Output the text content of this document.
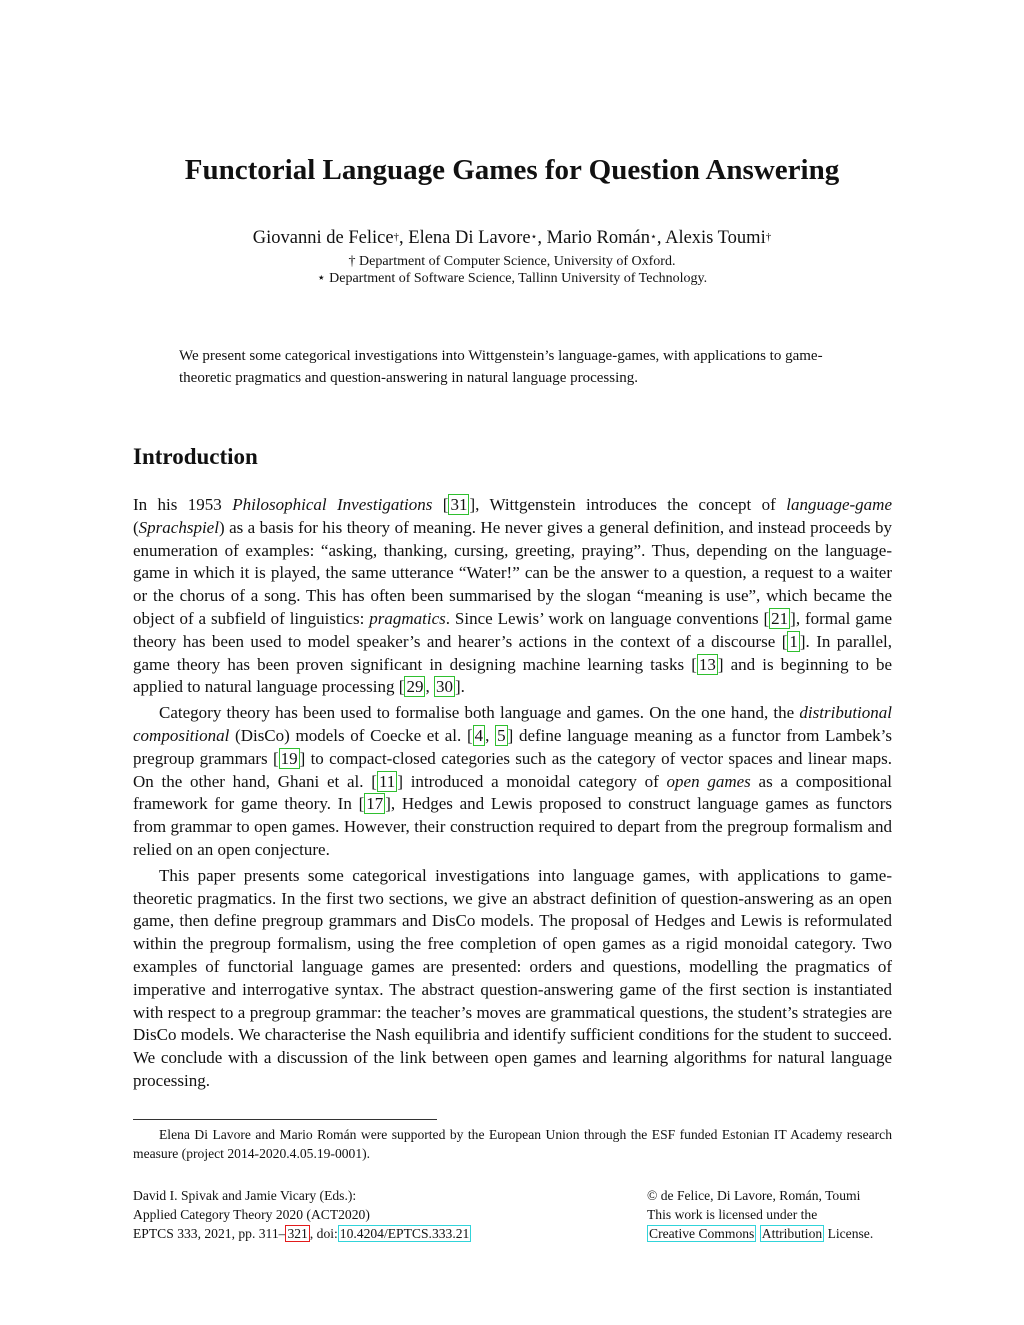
Functorial Language Games for Question Answering
Giovanni de Felice†, Elena Di Lavore⋆, Mario Román⋆, Alexis Toumi†
† Department of Computer Science, University of Oxford.
⋆ Department of Software Science, Tallinn University of Technology.
We present some categorical investigations into Wittgenstein’s language-games, with applications to game-theoretic pragmatics and question-answering in natural language processing.
Introduction

In his 1953 Philosophical Investigations [ 31 ], Wittgenstein introduces the concept of language-game (Sprachspiel) as a basis for his theory of meaning. He never gives a general definition, and instead proceeds by enumeration of examples: “asking, thanking, cursing, greeting, praying”. Thus, depending on the language-game in which it is played, the same utterance “Water!” can be the answer to a question, a request to a waiter or the chorus of a song. This has often been summarised by the slogan “meaning is use”, which became the object of a subfield of linguistics: pragmatics. Since Lewis’ work on language conventions [ 21 ], formal game theory has been used to model speaker’s and hearer’s actions in the context of a discourse [ 1 ]. In parallel, game theory has been proven significant in designing machine learning tasks [ 13 ] and is beginning to be applied to natural language processing [ 29 , 30 ].

Category theory has been used to formalise both language and games. On the one hand, the distributional compositional (DisCo) models of Coecke et al. [ 4 , 5 ] define language meaning as a functor from Lambek’s pregroup grammars [ 19 ] to compact-closed categories such as the category of vector spaces and linear maps. On the other hand, Ghani et al. [ 11 ] introduced a monoidal category of open games as a compositional framework for game theory. In [ 17 ], Hedges and Lewis proposed to construct language games as functors from grammar to open games. However, their construction required to depart from the pregroup formalism and relied on an open conjecture.

This paper presents some categorical investigations into language games, with applications to game-theoretic pragmatics. In the first two sections, we give an abstract definition of question-answering as an open game, then define pregroup grammars and DisCo models. The proposal of Hedges and Lewis is reformulated within the pregroup formalism, using the free completion of open games as a rigid monoidal category. Two examples of functorial language games are presented: orders and questions, modelling the pragmatics of imperative and interrogative syntax. The abstract question-answering game of the first section is instantiated with respect to a pregroup grammar: the teacher’s moves are grammatical questions, the student’s strategies are DisCo models. We characterise the Nash equilibria and identify sufficient conditions for the student to succeed. We conclude with a discussion of the link between open games and learning algorithms for natural language processing.

Elena Di Lavore and Mario Román were supported by the European Union through the ESF funded Estonian IT Academy research measure (project 2014-2020.4.05.19-0001).
David I. Spivak and Jamie Vicary (Eds.):
Applied Category Theory 2020 (ACT2020)
EPTCS 333, 2021, pp. 311– 321 , doi: 10.4204/EPTCS.333.21
© de Felice, Di Lavore, Román, Toumi
This work is licensed under the
Creative Commons Attribution License.
